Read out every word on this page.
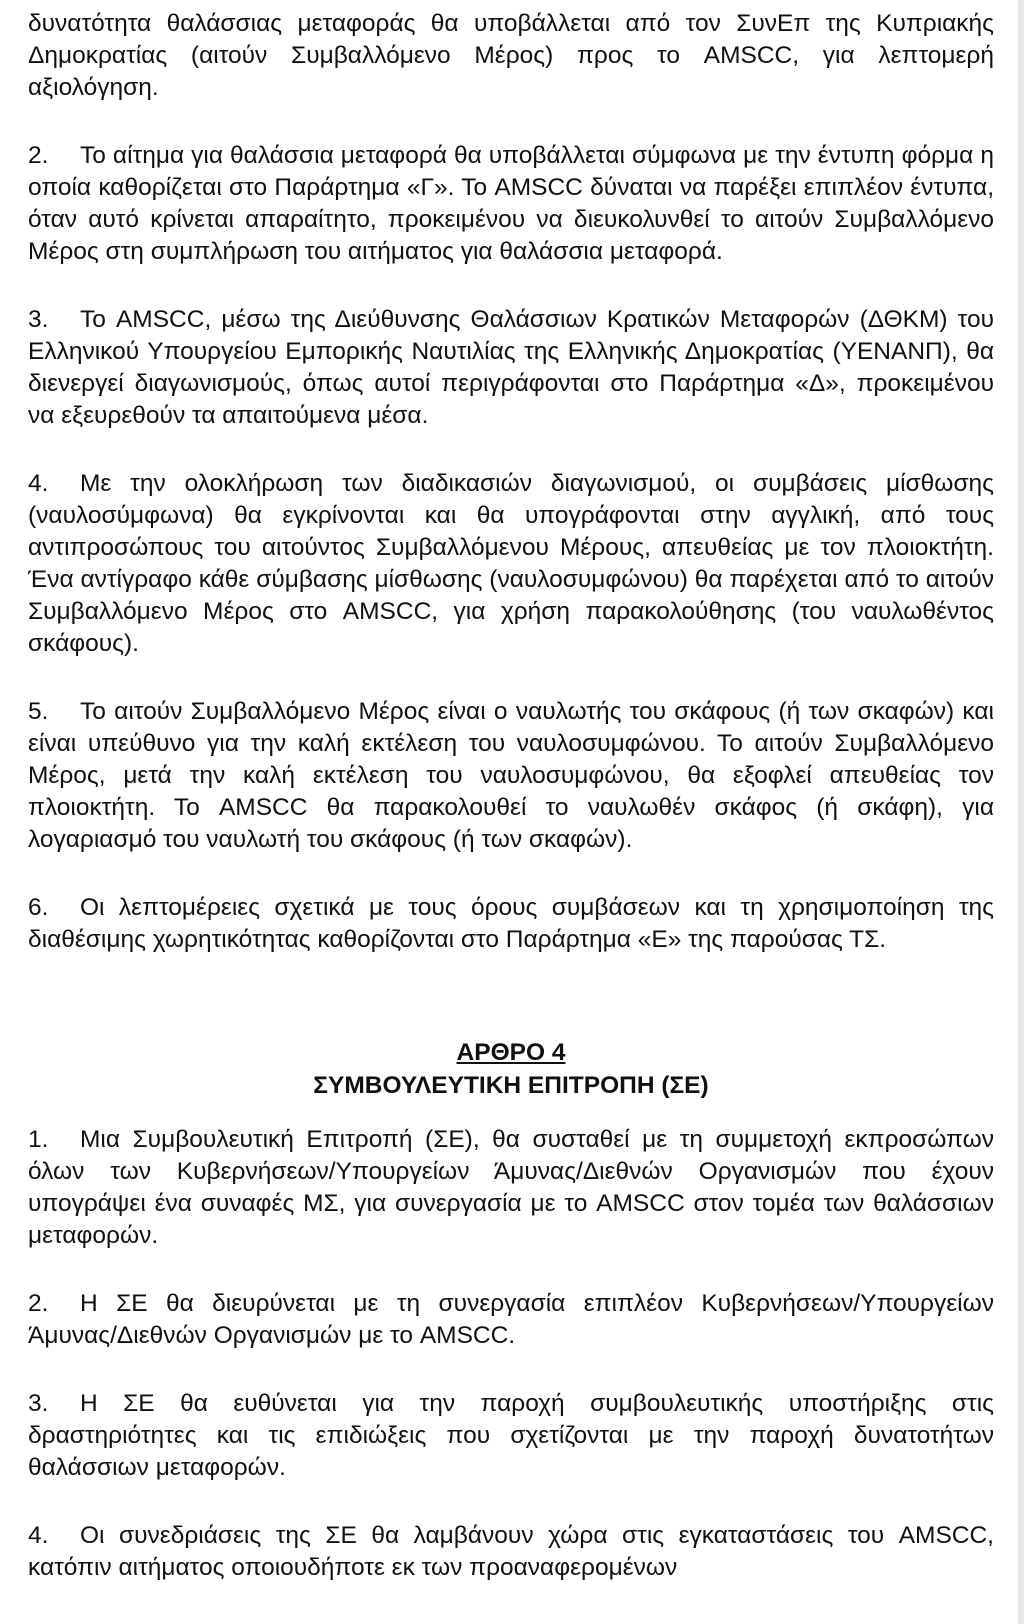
δυνατότητα θαλάσσιας μεταφοράς θα υποβάλλεται από τον ΣυνΕπ της Κυπριακής Δημοκρατίας (αιτούν Συμβαλλόμενο Μέρος) προς το AMSCC, για λεπτομερή αξιολόγηση.

2. Το αίτημα για θαλάσσια μεταφορά θα υποβάλλεται σύμφωνα με την έντυπη φόρμα η οποία καθορίζεται στο Παράρτημα «Γ». Το AMSCC δύναται να παρέξει επιπλέον έντυπα, όταν αυτό κρίνεται απαραίτητο, προκειμένου να διευκολυνθεί το αιτούν Συμβαλλόμενο Μέρος στη συμπλήρωση του αιτήματος για θαλάσσια μεταφορά.

3. Το AMSCC, μέσω της Διεύθυνσης Θαλάσσιων Κρατικών Μεταφορών (ΔΘΚΜ) του Ελληνικού Υπουργείου Εμπορικής Ναυτιλίας της Ελληνικής Δημοκρατίας (ΥΕΝΑΝΠ), θα διενεργεί διαγωνισμούς, όπως αυτοί περιγράφονται στο Παράρτημα «Δ», προκειμένου να εξευρεθούν τα απαιτούμενα μέσα.

4. Με την ολοκλήρωση των διαδικασιών διαγωνισμού, οι συμβάσεις μίσθωσης (ναυλοσύμφωνα) θα εγκρίνονται και θα υπογράφονται στην αγγλική, από τους αντιπροσώπους του αιτούντος Συμβαλλόμενου Μέρους, απευθείας με τον πλοιοκτήτη. Ένα αντίγραφο κάθε σύμβασης μίσθωσης (ναυλοσυμφώνου) θα παρέχεται από το αιτούν Συμβαλλόμενο Μέρος στο AMSCC, για χρήση παρακολούθησης (του ναυλωθέντος σκάφους).

5. Το αιτούν Συμβαλλόμενο Μέρος είναι ο ναυλωτής του σκάφους (ή των σκαφών) και είναι υπεύθυνο για την καλή εκτέλεση του ναυλοσυμφώνου. Το αιτούν Συμβαλλόμενο Μέρος, μετά την καλή εκτέλεση του ναυλοσυμφώνου, θα εξοφλεί απευθείας τον πλοιοκτήτη. Το AMSCC θα παρακολουθεί το ναυλωθέν σκάφος (ή σκάφη), για λογαριασμό του ναυλωτή του σκάφους (ή των σκαφών).

6. Οι λεπτομέρειες σχετικά με τους όρους συμβάσεων και τη χρησιμοποίηση της διαθέσιμης χωρητικότητας καθορίζονται στο Παράρτημα «Ε» της παρούσας ΤΣ.

ΑΡΘΡΟ 4
ΣΥΜΒΟΥΛΕΥΤΙΚΗ ΕΠΙΤΡΟΠΗ (ΣΕ)

1. Μια Συμβουλευτική Επιτροπή (ΣΕ), θα συσταθεί με τη συμμετοχή εκπροσώπων όλων των Κυβερνήσεων/Υπουργείων Άμυνας/Διεθνών Οργανισμών που έχουν υπογράψει ένα συναφές ΜΣ, για συνεργασία με το AMSCC στον τομέα των θαλάσσιων μεταφορών.

2. Η ΣΕ θα διευρύνεται με τη συνεργασία επιπλέον Κυβερνήσεων/Υπουργείων Άμυνας/Διεθνών Οργανισμών με το AMSCC.

3. Η ΣΕ θα ευθύνεται για την παροχή συμβουλευτικής υποστήριξης στις δραστηριότητες και τις επιδιώξεις που σχετίζονται με την παροχή δυνατοτήτων θαλάσσιων μεταφορών.

4. Οι συνεδριάσεις της ΣΕ θα λαμβάνουν χώρα στις εγκαταστάσεις του AMSCC, κατόπιν αιτήματος οποιουδήποτε εκ των προαναφερομένων
